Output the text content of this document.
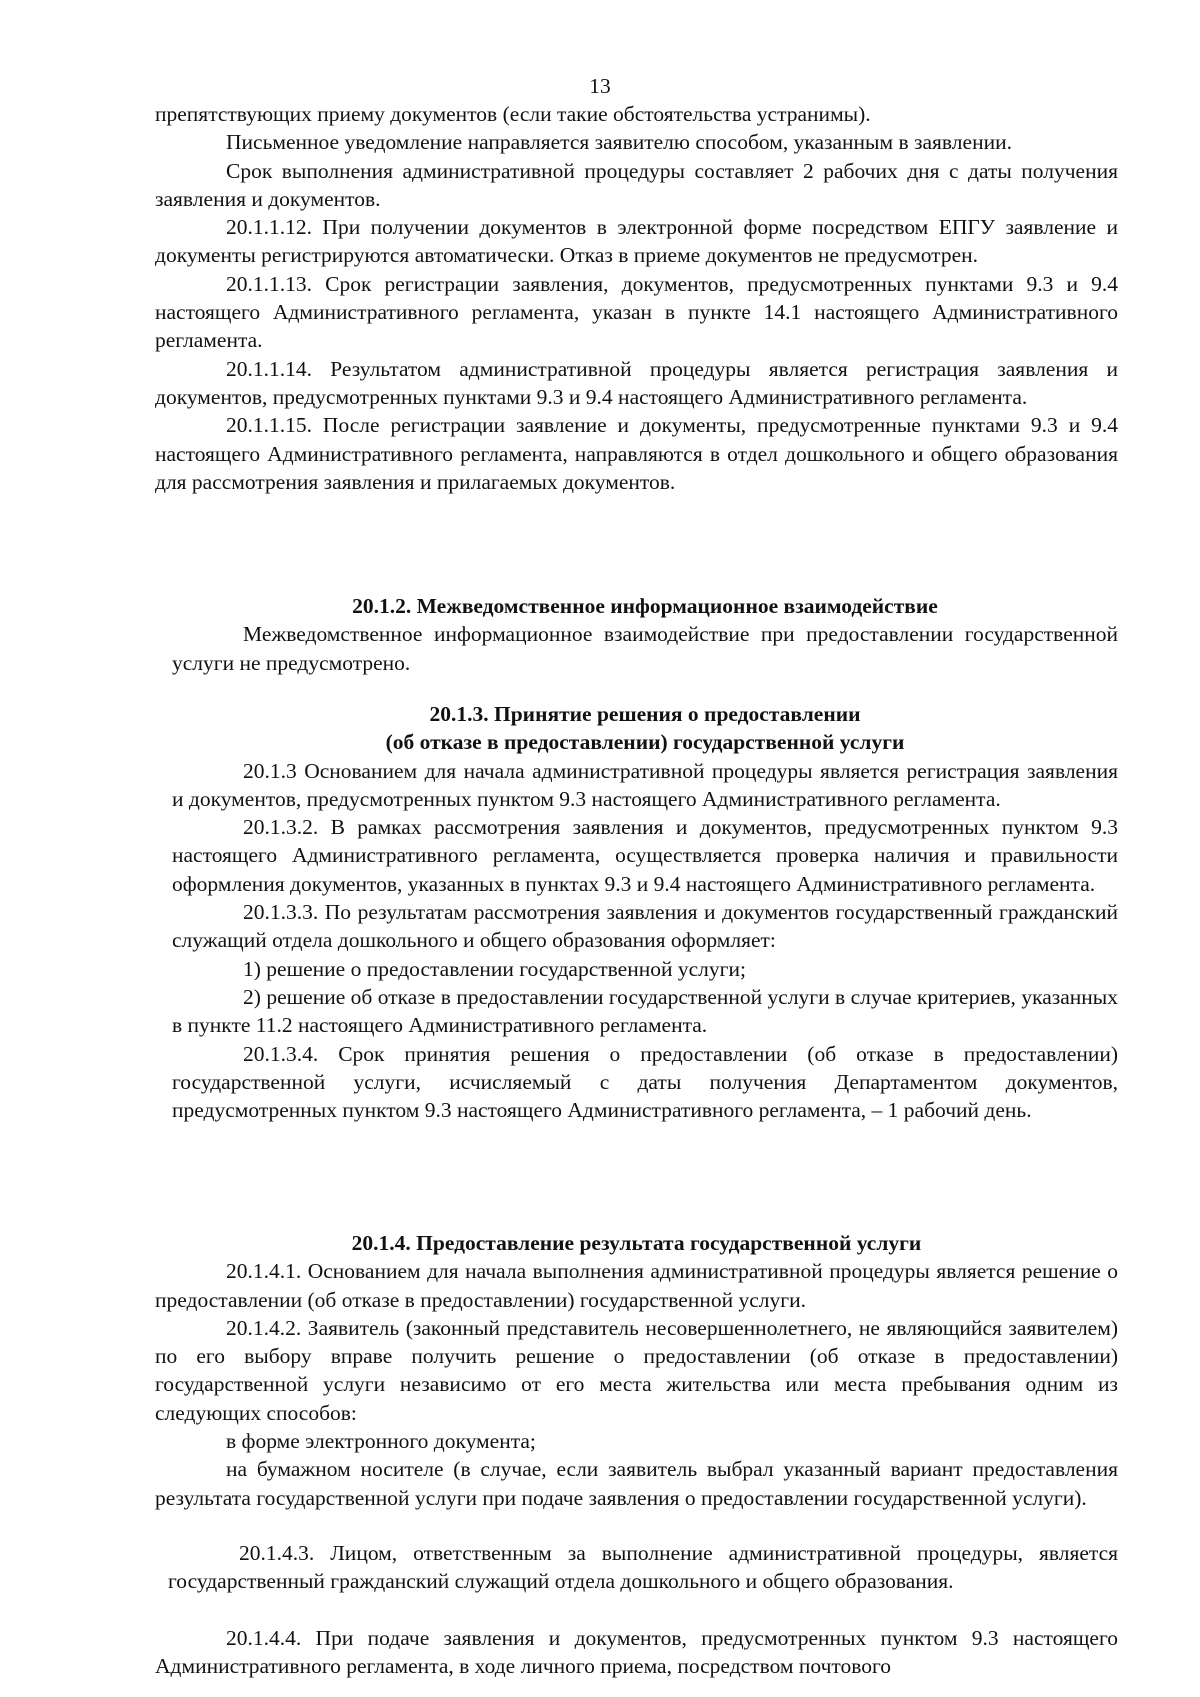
13

препятствующих приему документов (если такие обстоятельства устранимы).

Письменное уведомление направляется заявителю способом, указанным в заявлении.

Срок выполнения административной процедуры составляет 2 рабочих дня с даты получения заявления и документов.

20.1.1.12. При получении документов в электронной форме посредством ЕПГУ заявление и документы регистрируются автоматически. Отказ в приеме документов не предусмотрен.

20.1.1.13. Срок регистрации заявления, документов, предусмотренных пунктами 9.3 и 9.4 настоящего Административного регламента, указан в пункте 14.1 настоящего Административного регламента.

20.1.1.14. Результатом административной процедуры является регистрация заявления и документов, предусмотренных пунктами 9.3 и 9.4 настоящего Административного регламента.

20.1.1.15. После регистрации заявление и документы, предусмотренные пунктами 9.3 и 9.4 настоящего Административного регламента, направляются в отдел дошкольного и общего образования для рассмотрения заявления и прилагаемых документов.

20.1.2. Межведомственное информационное взаимодействие

Межведомственное информационное взаимодействие при предоставлении государственной услуги не предусмотрено.

20.1.3. Принятие решения о предоставлении
(об отказе в предоставлении) государственной услуги

20.1.3 Основанием для начала административной процедуры является регистрация заявления и документов, предусмотренных пунктом 9.3 настоящего Административного регламента.

20.1.3.2. В рамках рассмотрения заявления и документов, предусмотренных пунктом 9.3 настоящего Административного регламента, осуществляется проверка наличия и правильности оформления документов, указанных в пунктах 9.3 и 9.4 настоящего Административного регламента.

20.1.3.3. По результатам рассмотрения заявления и документов государственный гражданский служащий отдела дошкольного и общего образования оформляет:

1) решение о предоставлении государственной услуги;

2) решение об отказе в предоставлении государственной услуги в случае критериев, указанных в пункте 11.2 настоящего Административного регламента.

20.1.3.4. Срок принятия решения о предоставлении (об отказе в предоставлении) государственной услуги, исчисляемый с даты получения Департаментом документов, предусмотренных пунктом 9.3 настоящего Административного регламента, – 1 рабочий день.

20.1.4. Предоставление результата государственной услуги

20.1.4.1. Основанием для начала выполнения административной процедуры является решение о предоставлении (об отказе в предоставлении) государственной услуги.

20.1.4.2. Заявитель (законный представитель несовершеннолетнего, не являющийся заявителем) по его выбору вправе получить решение о предоставлении (об отказе в предоставлении) государственной услуги независимо от его места жительства или места пребывания одним из следующих способов:

в форме электронного документа;

на бумажном носителе (в случае, если заявитель выбрал указанный вариант предоставления результата государственной услуги при подаче заявления о предоставлении государственной услуги).

20.1.4.3. Лицом, ответственным за выполнение административной процедуры, является государственный гражданский служащий отдела дошкольного и общего образования.

20.1.4.4. При подаче заявления и документов, предусмотренных пунктом 9.3 настоящего Административного регламента, в ходе личного приема, посредством почтового
